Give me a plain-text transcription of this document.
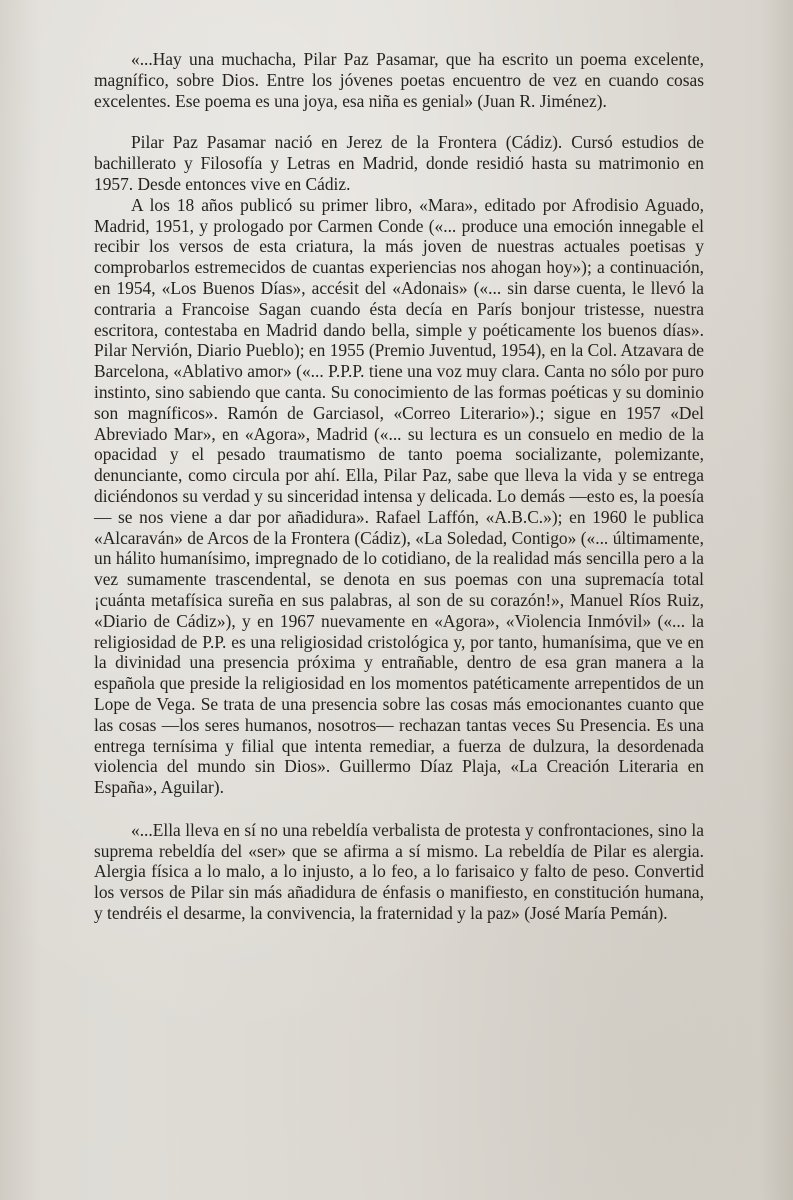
«...Hay una muchacha, Pilar Paz Pasamar, que ha escrito un poema excelente, magnífico, sobre Dios. Entre los jóvenes poetas encuentro de vez en cuando cosas excelentes. Ese poema es una joya, esa niña es genial» (Juan R. Jiménez).

Pilar Paz Pasamar nació en Jerez de la Frontera (Cádiz). Cursó estudios de bachillerato y Filosofía y Letras en Madrid, donde residió hasta su matrimonio en 1957. Desde entonces vive en Cádiz.

A los 18 años publicó su primer libro, «Mara», editado por Afrodisio Aguado, Madrid, 1951, y prologado por Carmen Conde («... produce una emoción innegable el recibir los versos de esta criatura, la más joven de nuestras actuales poetisas y comprobarlos estremecidos de cuantas experiencias nos ahogan hoy»); a continuación, en 1954, «Los Buenos Días», accésit del «Adonais» («... sin darse cuenta, le llevó la contraria a Francoise Sagan cuando ésta decía en París bonjour tristesse, nuestra escritora, contestaba en Madrid dando bella, simple y poéticamente los buenos días». Pilar Nervión, Diario Pueblo); en 1955 (Premio Juventud, 1954), en la Col. Atzavara de Barcelona, «Ablativo amor» («... P.P.P. tiene una voz muy clara. Canta no sólo por puro instinto, sino sabiendo que canta. Su conocimiento de las formas poéticas y su dominio son magníficos». Ramón de Garciasol, «Correo Literario»).; sigue en 1957 «Del Abreviado Mar», en «Agora», Madrid («... su lectura es un consuelo en medio de la opacidad y el pesado traumatismo de tanto poema socializante, polemizante, denunciante, como circula por ahí. Ella, Pilar Paz, sabe que lleva la vida y se entrega diciéndonos su verdad y su sinceridad intensa y delicada. Lo demás —esto es, la poesía— se nos viene a dar por añadidura». Rafael Laffón, «A.B.C.»); en 1960 le publica «Alcaraván» de Arcos de la Frontera (Cádiz), «La Soledad, Contigo» («... últimamente, un hálito humanísimo, impregnado de lo cotidiano, de la realidad más sencilla pero a la vez sumamente trascendental, se denota en sus poemas con una supremacía total ¡cuánta metafísica sureña en sus palabras, al son de su corazón!», Manuel Ríos Ruiz, «Diario de Cádiz»), y en 1967 nuevamente en «Agora», «Violencia Inmóvil» («... la religiosidad de P.P. es una religiosidad cristológica y, por tanto, humanísima, que ve en la divinidad una presencia próxima y entrañable, dentro de esa gran manera a la española que preside la religiosidad en los momentos patéticamente arrepentidos de un Lope de Vega. Se trata de una presencia sobre las cosas más emocionantes cuanto que las cosas —los seres humanos, nosotros— rechazan tantas veces Su Presencia. Es una entrega ternísima y filial que intenta remediar, a fuerza de dulzura, la desordenada violencia del mundo sin Dios». Guillermo Díaz Plaja, «La Creación Literaria en España», Aguilar).

«...Ella lleva en sí no una rebeldía verbalista de protesta y confrontaciones, sino la suprema rebeldía del «ser» que se afirma a sí mismo. La rebeldía de Pilar es alergia. Alergia física a lo malo, a lo injusto, a lo feo, a lo farisaico y falto de peso. Convertid los versos de Pilar sin más añadidura de énfasis o manifiesto, en constitución humana, y tendréis el desarme, la convivencia, la fraternidad y la paz» (José María Pemán).
